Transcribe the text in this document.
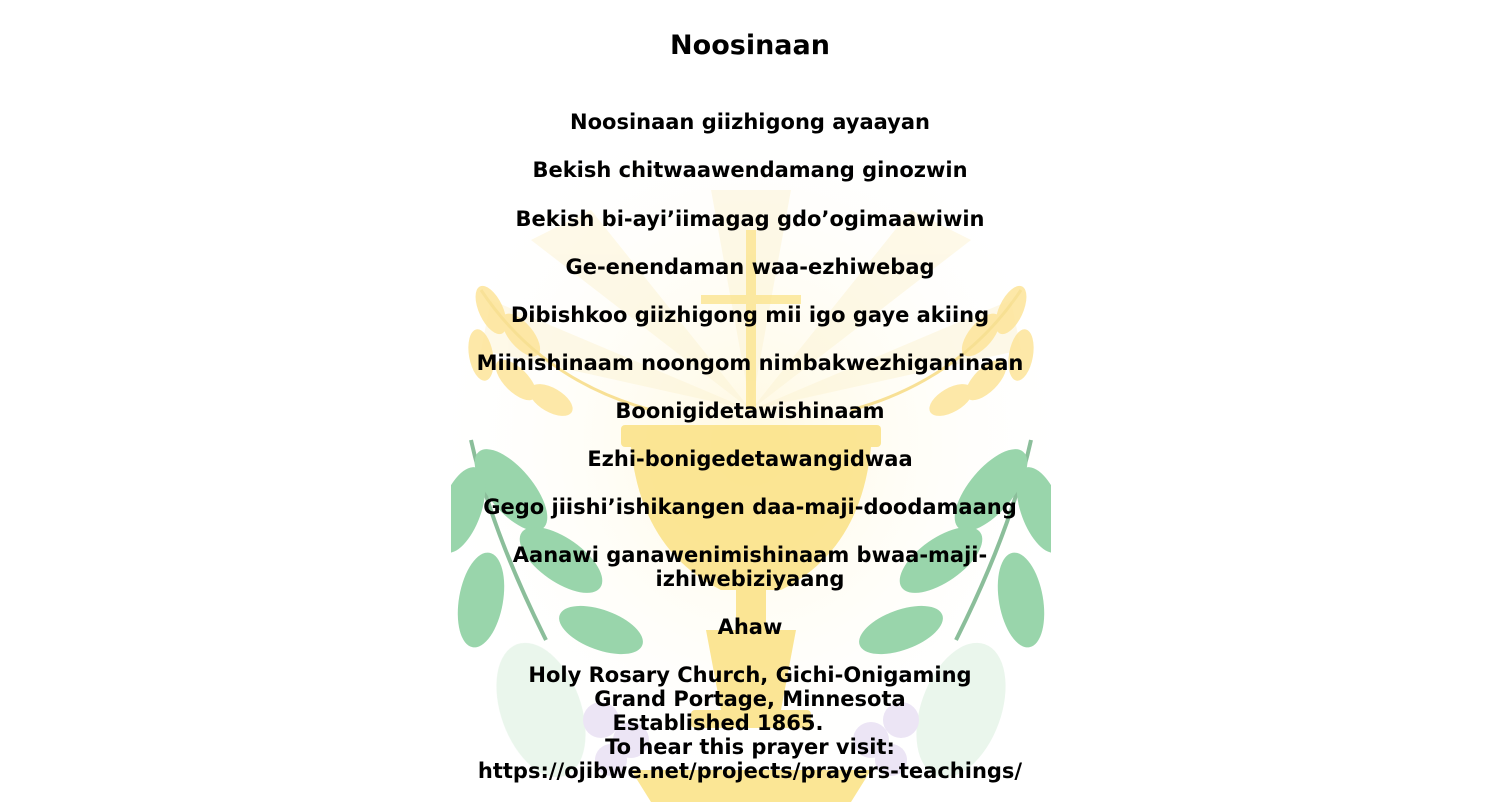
Noosinaan
Noosinaan giizhigong ayaayan
Bekish chitwaawendamang ginozwin
Bekish bi-ayi’iimagag gdo’ogimaawiwin
Ge-enendaman waa-ezhiwebag
Dibishkoo giizhigong mii igo gaye akiing
Miinishinaam noongom nimbakwezhiganinaan
Boonigidetawishinaam
Ezhi-bonigedetawangidwaa
Gego jiishi’ishikangen daa-maji-doodamaang
Aanawi ganawenimishinaam bwaa-maji-
izhiwebiziyaang
Ahaw
Holy Rosary Church, Gichi-Onigaming
Grand Portage, Minnesota
Established 1865.
To hear this prayer visit:
https://ojibwe.net/projects/prayers-teachings/
